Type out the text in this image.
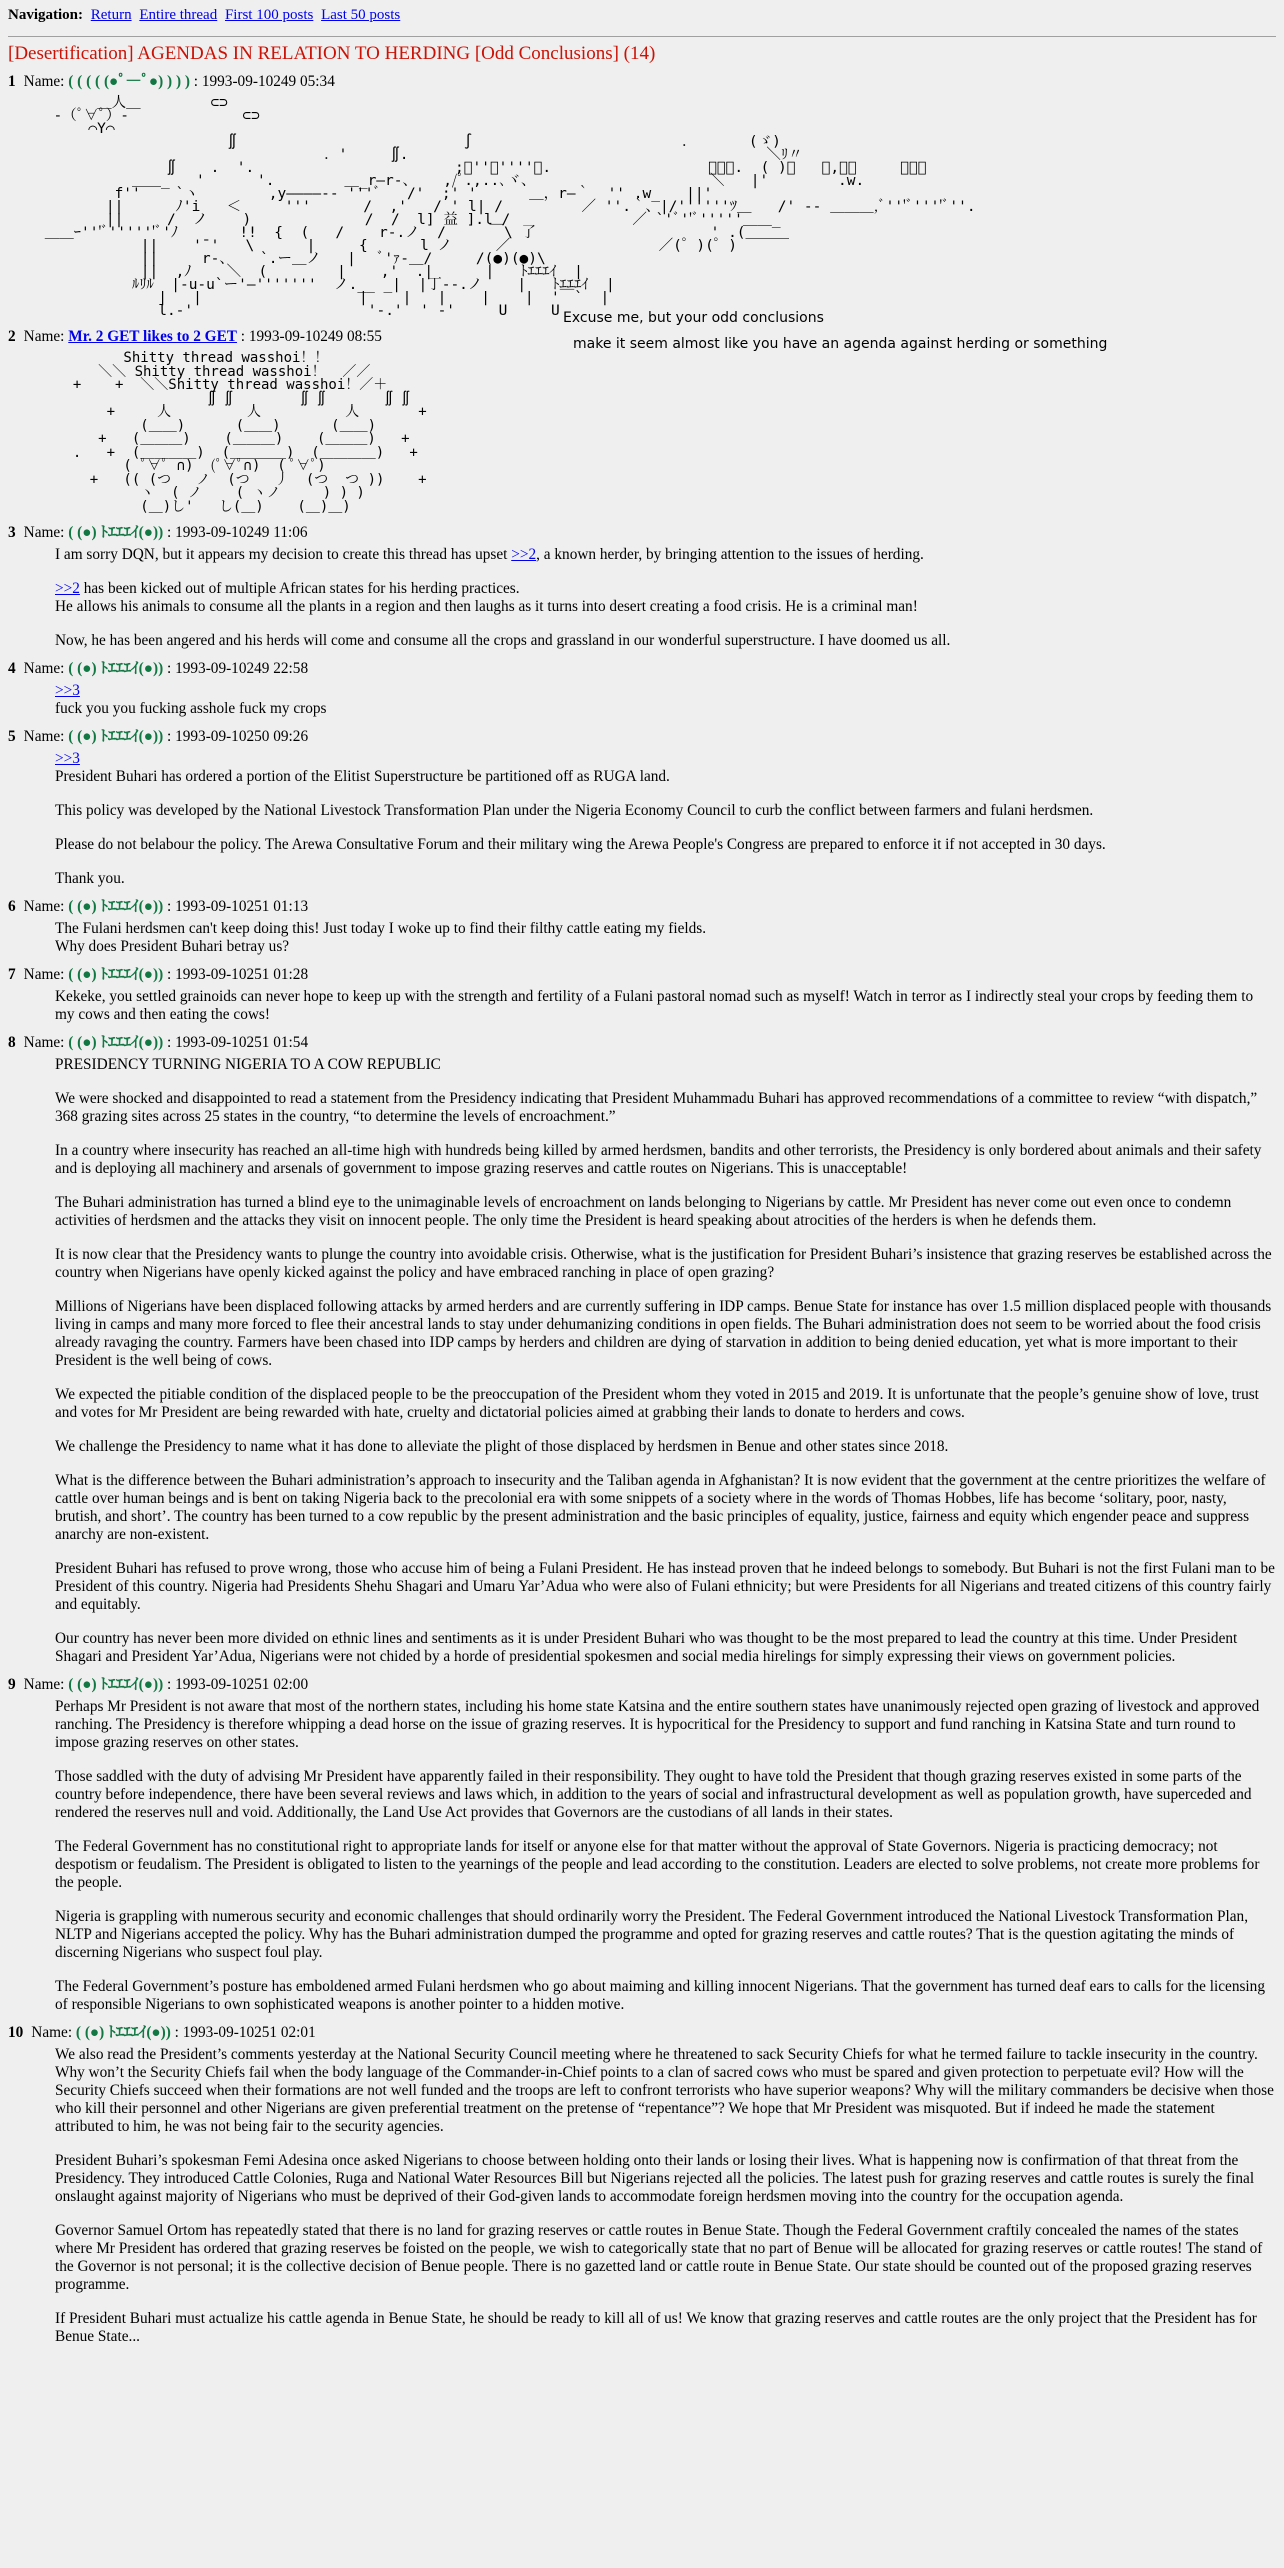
Navigation: Return Entire thread First 100 posts Last 50 posts
[Desertification] AGENDAS IN RELATION TO HERDING [Odd Conclusions] (14)
1 Name: ( ( ( ( (●ﾟ―ﾟ●) ) ) ) : 1993-09-10249 05:34
＿人＿        ⊂⊃
-（ﾟ∀ﾟ）-             ⊂⊃
⌒Y⌒
∬                          ∫                        ．      (ゞ)
．'     ∬.                                         ＼ﾘ〃
∬    .  '.                       ;ﾞ''ﾞ''''ｰ.                  ＿＿＿.  ( )，   ＝,＿＿     ＝＝＿
＿＿_   '      '.        ＿_r―r-、   ,/ﾟ.,..､ヾ、                    ＼   |'        .w.
f''    `ヽ        ,y――――‐- '''ﾞ   /'  ;' '      ＿，r―｀  '' .w_   ||'
||      ﾉ'i   ＜     '''      /  ,'   / ' l| /         ／ ''.｀、|/''''''ﾂ＿   /' ‐‐ ＿＿＿,ﾞ'''ﾞ''''ﾞ''.
||     /  ノ    )             /  /  l] 益 ].l /              ／ `'ﾞ''ﾞ'''''＿＿_
＿＿ｰ'''ﾞ''''''ﾞ'ﾉ       !!  {  (   /    r-.ノ  /     ￣\ 了                    ' .(＿＿＿
||    '¯'   \      |     {      l ノ     ／                 ／(゜)(゜)
||     r-、   `.ー＿ノ   |   ﾞ'ｧ-＿/     /(●)(●)\
||  ,ﾉ    ＼  (        |    ,'  .|      |   ﾄｴｴｴｲ  |
ﾙﾘﾙ  |-u-u`ー'―'''''''  ノ.__ _|  |丁--.ノ    |   ﾄｴｴｴｲ  |
|   |                  |    |   |    |    |  '￣`  |
l.-'                    '-.'  ' -'     U     U Excuse me, but your odd conclusions
make it seem almost like you have an agenda against herding or something
2 Name: Mr. 2 GET likes to 2 GET : 1993-09-10249 08:55
Shitty thread wasshoi！！
＼＼ Shitty thread wasshoi！  ／／
+    +  ＼＼Shitty thread wasshoi！／＋
∬ ∬        ∬ ∬       ∬ ∬
+     人         人          人       +
(＿＿)      (＿＿)      (＿＿)
+   (＿＿＿)    (＿＿＿)    (＿＿＿)   +
.   +  (＿＿＿＿)  (＿＿＿＿)  (＿＿＿＿)   +
( ﾟ∀ﾟ ∩)  (ﾟ∀ﾟ∩)  ( ﾟ∀ﾟ)
+   (( (つ   ノ  (つ   丿  (つ  つ ))    +
ヽ  ( ノ    ( ヽノ     ) ) )
(＿)し'   し(＿)    (＿)＿)
3 Name: ( (●) ﾄｴｴｴｲ(●)) : 1993-09-10249 11:06

I am sorry DQN, but it appears my decision to create this thread has upset >>2, a known herder, by bringing attention to the issues of herding.

>>2 has been kicked out of multiple African states for his herding practices.
He allows his animals to consume all the plants in a region and then laughs as it turns into desert creating a food crisis. He is a criminal man!

Now, he has been angered and his herds will come and consume all the crops and grassland in our wonderful superstructure. I have doomed us all.

4 Name: ( (●) ﾄｴｴｴｲ(●)) : 1993-09-10249 22:58

>>3
fuck you you fucking asshole fuck my crops

5 Name: ( (●) ﾄｴｴｴｲ(●)) : 1993-09-10250 09:26

>>3
President Buhari has ordered a portion of the Elitist Superstructure be partitioned off as RUGA land.

This policy was developed by the National Livestock Transformation Plan under the Nigeria Economy Council to curb the conflict between farmers and fulani herdsmen.

Please do not belabour the policy. The Arewa Consultative Forum and their military wing the Arewa People's Congress are prepared to enforce it if not accepted in 30 days.

Thank you.

6 Name: ( (●) ﾄｴｴｴｲ(●)) : 1993-09-10251 01:13

The Fulani herdsmen can't keep doing this! Just today I woke up to find their filthy cattle eating my fields.
Why does President Buhari betray us?

7 Name: ( (●) ﾄｴｴｴｲ(●)) : 1993-09-10251 01:28

Kekeke, you settled grainoids can never hope to keep up with the strength and fertility of a Fulani pastoral nomad such as myself! Watch in terror as I indirectly steal your crops by feeding them to my cows and then eating the cows!

8 Name: ( (●) ﾄｴｴｴｲ(●)) : 1993-09-10251 01:54

PRESIDENCY TURNING NIGERIA TO A COW REPUBLIC

We were shocked and disappointed to read a statement from the Presidency indicating that President Muhammadu Buhari has approved recommendations of a committee to review “with dispatch,” 368 grazing sites across 25 states in the country, “to determine the levels of encroachment.”

In a country where insecurity has reached an all-time high with hundreds being killed by armed herdsmen, bandits and other terrorists, the Presidency is only bordered about animals and their safety and is deploying all machinery and arsenals of government to impose grazing reserves and cattle routes on Nigerians. This is unacceptable!

The Buhari administration has turned a blind eye to the unimaginable levels of encroachment on lands belonging to Nigerians by cattle. Mr President has never come out even once to condemn activities of herdsmen and the attacks they visit on innocent people. The only time the President is heard speaking about atrocities of the herders is when he defends them.

It is now clear that the Presidency wants to plunge the country into avoidable crisis. Otherwise, what is the justification for President Buhari’s insistence that grazing reserves be established across the country when Nigerians have openly kicked against the policy and have embraced ranching in place of open grazing?

Millions of Nigerians have been displaced following attacks by armed herders and are currently suffering in IDP camps. Benue State for instance has over 1.5 million displaced people with thousands living in camps and many more forced to flee their ancestral lands to stay under dehumanizing conditions in open fields. The Buhari administration does not seem to be worried about the food crisis already ravaging the country. Farmers have been chased into IDP camps by herders and children are dying of starvation in addition to being denied education, yet what is more important to their President is the well being of cows.

We expected the pitiable condition of the displaced people to be the preoccupation of the President whom they voted in 2015 and 2019. It is unfortunate that the people’s genuine show of love, trust and votes for Mr President are being rewarded with hate, cruelty and dictatorial policies aimed at grabbing their lands to donate to herders and cows.

We challenge the Presidency to name what it has done to alleviate the plight of those displaced by herdsmen in Benue and other states since 2018.

What is the difference between the Buhari administration’s approach to insecurity and the Taliban agenda in Afghanistan? It is now evident that the government at the centre prioritizes the welfare of cattle over human beings and is bent on taking Nigeria back to the precolonial era with some snippets of a society where in the words of Thomas Hobbes, life has become ‘solitary, poor, nasty, brutish, and short’. The country has been turned to a cow republic by the present administration and the basic principles of equality, justice, fairness and equity which engender peace and suppress anarchy are non-existent.

President Buhari has refused to prove wrong, those who accuse him of being a Fulani President. He has instead proven that he indeed belongs to somebody. But Buhari is not the first Fulani man to be President of this country. Nigeria had Presidents Shehu Shagari and Umaru Yar’Adua who were also of Fulani ethnicity; but were Presidents for all Nigerians and treated citizens of this country fairly and equitably.

Our country has never been more divided on ethnic lines and sentiments as it is under President Buhari who was thought to be the most prepared to lead the country at this time. Under President Shagari and President Yar’Adua, Nigerians were not chided by a horde of presidential spokesmen and social media hirelings for simply expressing their views on government policies.

9 Name: ( (●) ﾄｴｴｴｲ(●)) : 1993-09-10251 02:00

Perhaps Mr President is not aware that most of the northern states, including his home state Katsina and the entire southern states have unanimously rejected open grazing of livestock and approved ranching. The Presidency is therefore whipping a dead horse on the issue of grazing reserves. It is hypocritical for the Presidency to support and fund ranching in Katsina State and turn round to impose grazing reserves on other states.

Those saddled with the duty of advising Mr President have apparently failed in their responsibility. They ought to have told the President that though grazing reserves existed in some parts of the country before independence, there have been several reviews and laws which, in addition to the years of social and infrastructural development as well as population growth, have superceded and rendered the reserves null and void. Additionally, the Land Use Act provides that Governors are the custodians of all lands in their states.

The Federal Government has no constitutional right to appropriate lands for itself or anyone else for that matter without the approval of State Governors. Nigeria is practicing democracy; not despotism or feudalism. The President is obligated to listen to the yearnings of the people and lead according to the constitution. Leaders are elected to solve problems, not create more problems for the people.

Nigeria is grappling with numerous security and economic challenges that should ordinarily worry the President. The Federal Government introduced the National Livestock Transformation Plan, NLTP and Nigerians accepted the policy. Why has the Buhari administration dumped the programme and opted for grazing reserves and cattle routes? That is the question agitating the minds of discerning Nigerians who suspect foul play.

The Federal Government’s posture has emboldened armed Fulani herdsmen who go about maiming and killing innocent Nigerians. That the government has turned deaf ears to calls for the licensing of responsible Nigerians to own sophisticated weapons is another pointer to a hidden motive.

10 Name: ( (●) ﾄｴｴｴｲ(●)) : 1993-09-10251 02:01

We also read the President’s comments yesterday at the National Security Council meeting where he threatened to sack Security Chiefs for what he termed failure to tackle insecurity in the country. Why won’t the Security Chiefs fail when the body language of the Commander-in-Chief points to a clan of sacred cows who must be spared and given protection to perpetuate evil? How will the Security Chiefs succeed when their formations are not well funded and the troops are left to confront terrorists who have superior weapons? Why will the military commanders be decisive when those who kill their personnel and other Nigerians are given preferential treatment on the pretense of “repentance”? We hope that Mr President was misquoted. But if indeed he made the statement attributed to him, he was not being fair to the security agencies.

President Buhari’s spokesman Femi Adesina once asked Nigerians to choose between holding onto their lands or losing their lives. What is happening now is confirmation of that threat from the Presidency. They introduced Cattle Colonies, Ruga and National Water Resources Bill but Nigerians rejected all the policies. The latest push for grazing reserves and cattle routes is surely the final onslaught against majority of Nigerians who must be deprived of their God-given lands to accommodate foreign herdsmen moving into the country for the occupation agenda.

Governor Samuel Ortom has repeatedly stated that there is no land for grazing reserves or cattle routes in Benue State. Though the Federal Government craftily concealed the names of the states where Mr President has ordered that grazing reserves be foisted on the people, we wish to categorically state that no part of Benue will be allocated for grazing reserves or cattle routes! The stand of the Governor is not personal; it is the collective decision of Benue people. There is no gazetted land or cattle route in Benue State. Our state should be counted out of the proposed grazing reserves programme.

If President Buhari must actualize his cattle agenda in Benue State, he should be ready to kill all of us! We know that grazing reserves and cattle routes are the only project that the President has for Benue State...
